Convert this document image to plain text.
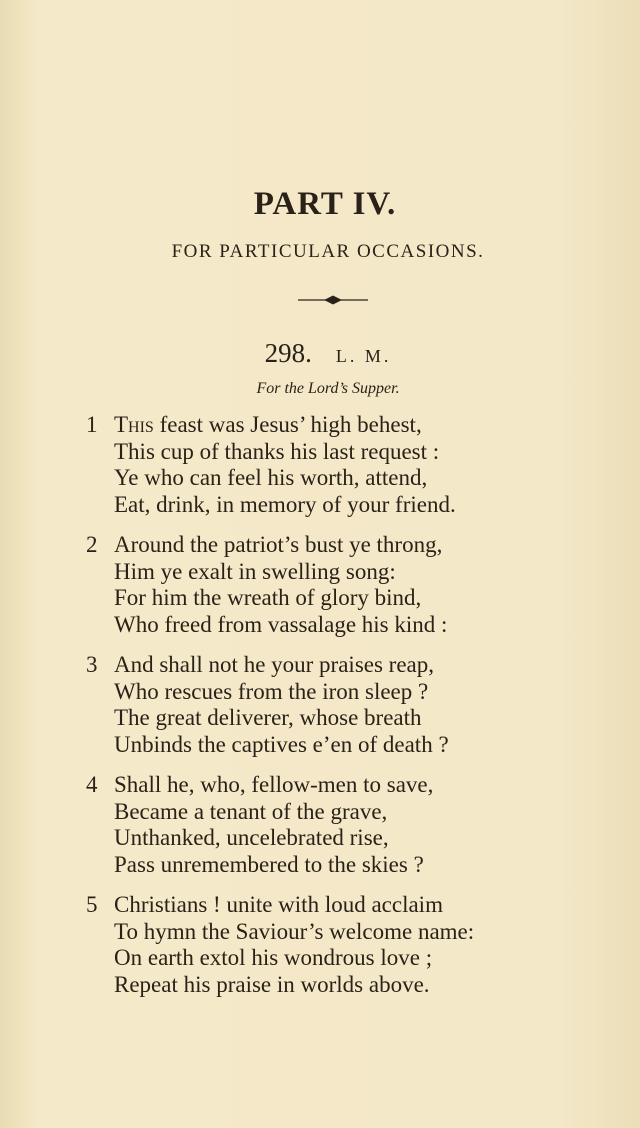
PART IV.
FOR PARTICULAR OCCASIONS.
298. L. M.
For the Lord’s Supper.
1 This feast was Jesus’ high behest,
This cup of thanks his last request :
Ye who can feel his worth, attend,
Eat, drink, in memory of your friend.
2 Around the patriot’s bust ye throng,
Him ye exalt in swelling song:
For him the wreath of glory bind,
Who freed from vassalage his kind :
3 And shall not he your praises reap,
Who rescues from the iron sleep ?
The great deliverer, whose breath
Unbinds the captives e’en of death ?
4 Shall he, who, fellow-men to save,
Became a tenant of the grave,
Unthanked, uncelebrated rise,
Pass unremembered to the skies ?
5 Christians ! unite with loud acclaim
To hymn the Saviour’s welcome name:
On earth extol his wondrous love ;
Repeat his praise in worlds above.
